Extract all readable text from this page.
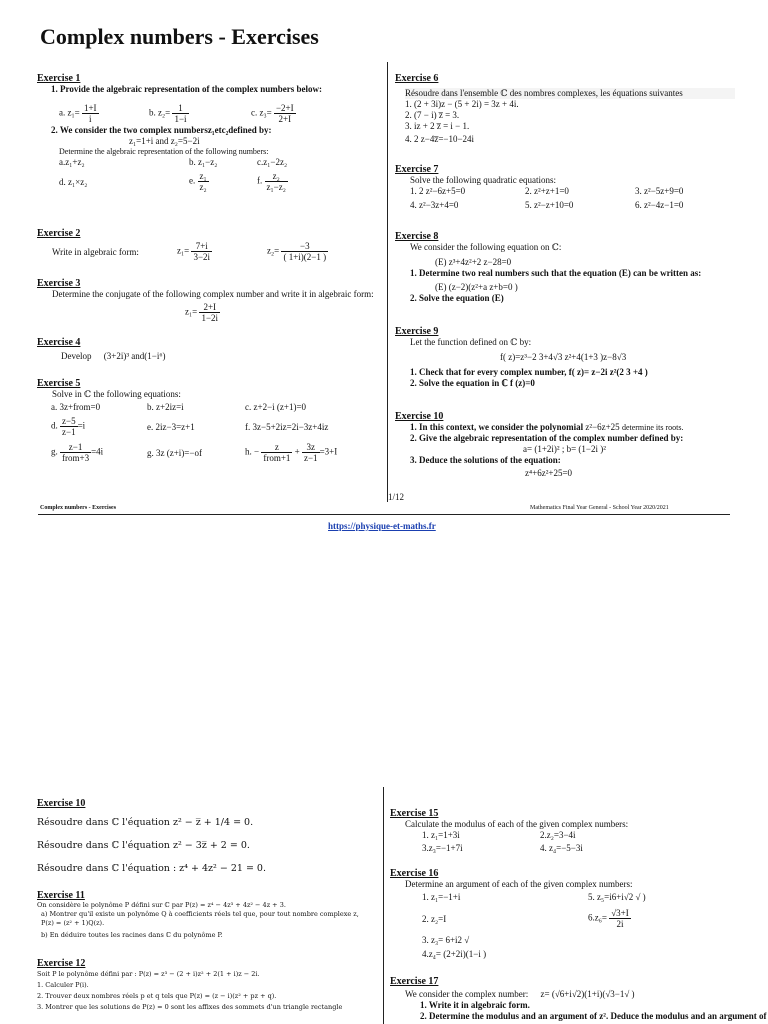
Complex numbers - Exercises
Exercise 1
1. Provide the algebraic representation of the complex numbers below:
a. $z_1= \frac{1+I}{i}$	b. $z_2= \frac{1}{1-i}$	c. $z_3= \frac{-2+I}{2+I}$
2. We consider the two complex numbersz₁etc₂defined by:
z₁=1+i and z₂=5−2i
Determine the algebraic representation of the following numbers:
a.z₁+z₂	b. z₁−z₂	c.z₁−2z₂
d. z₁×z₂	e. $\frac{\text{z₁}}{\text{z₂}}$	f. $\frac{\text{z₂}}{\text{z₁−z₂}}$
Exercise 2
Write in algebraic form:	$z_1= \frac{7+i}{3-2i}$	$z_2= \frac{-3}{( 1+i)(2-1 )}$
Exercise 3
Determine the conjugate of the following complex number and write it in algebraic form:
$z_1= \frac{2+I}{1-2i}$
Exercise 4
Develop (3+2i)³ and(1−i⁶)
Exercise 5
Solve in ℂ the following equations:
a. 3z+from=0	b. z+2iz=i	c. z+2−i (z+1)=0
d. $\frac{z-5}{z-1} =i$	e. 2iz−3=z+1	f. 3z−5+2iz=2i−3z+4iz
g. $\frac{z-1}{\text{from+3}} =4i$	g. 3z (z+i)=−of	h. − $\frac{z}{\text{from+1}} + \frac{3z}{z-1} =3+I$
Exercise 6
Résoudre dans l'ensemble ℂ des nombres complexes, les équations suivantes
1. (2 + 3i)z − (5 + 2i) = 3z + 4i.
2. (7 − i) z̅ = 3.
3. iz + 2 z̅ = i − 1.
4. 2 z−4z̅=−10−24i
Exercise 7
Solve the following quadratic equations:
1. 2 z²−6z+5=0	2. z²+z+1=0	3. z²−5z+9=0
4. z²−3z+4=0	5. z²−z+10=0	6. z²−4z−1=0
Exercise 8
We consider the following equation on ℂ:
(E) z³+4z²+2 z−28=0
1. Determine two real numbers such that the equation (E) can be written as:
(E) (z−2)(z²+a z+b=0 )
2. Solve the equation (E)
Exercise 9
Let the function defined on ℂ by:
f( z)=z³−2 3+4√3 z²+4(1+3 )z−8√3
1. Check that for every complex number, f( z)= z−2i z²(2 3 +4 )
2. Solve the equation in ℂ f (z)=0
Exercise 10
1. In this context, we consider the polynomial z²−6z+25 determine its roots.
2. Give the algebraic representation of the complex number defined by:
a= (1+2i)² ; b= (1−2i )²
3. Deduce the solutions of the equation:
z⁴+6z²+25=0
1/12
Complex numbers - Exercises	Mathematics Final Year General - School Year 2020/2021
https://physique-et-maths.fr
Exercise 10
Résoudre dans ℂ l'équation z² − z̅ + 1/4 = 0.
Résoudre dans ℂ l'équation z² − 3z̅ + 2 = 0.
Résoudre dans ℂ l'équation : z⁴ + 4z² − 21 = 0.
Exercise 11
On considère le polynôme P défini sur ℂ par P(z) = z⁴ − 4z³ + 4z² − 4z + 3.
a) Montrer qu'il existe un polynôme Q à coefficients réels tel que, pour tout nombre complexe z,
P(z) = (z² + 1)Q(z).
b) En déduire toutes les racines dans ℂ du polynôme P.
Exercise 12
Soit P le polynôme défini par : P(z) = z³ − (2 + i)z² + 2(1 + i)z − 2i.
1. Calculer P(i).
2. Trouver deux nombres réels p et q tels que P(z) = (z − i)(z² + pz + q).
3. Montrer que les solutions de P(z) = 0 sont les affixes des sommets d'un triangle rectangle
Exercise 15
Calculate the modulus of each of the given complex numbers:
1. z₁=1+3i	2.z₂=3−4i
3.z₃=−1+7i	4. z₄=−5−3i
Exercise 16
Determine an argument of each of the given complex numbers:
1. z₁=−1+i	5. z₅=i6+i√2 √ )
2. z₂=I	$6.z_6= \frac{√3+I}{2i}$
3. z₃= 6+i2 √
4.z₄= (2+2i)(1−i )
Exercise 17
We consider the complex number: z= (√6+i√2)(1+i)(√3−1√ )
1. Write it in algebraic form.
2. Determine the modulus and an argument of z². Deduce the modulus and an argument of
